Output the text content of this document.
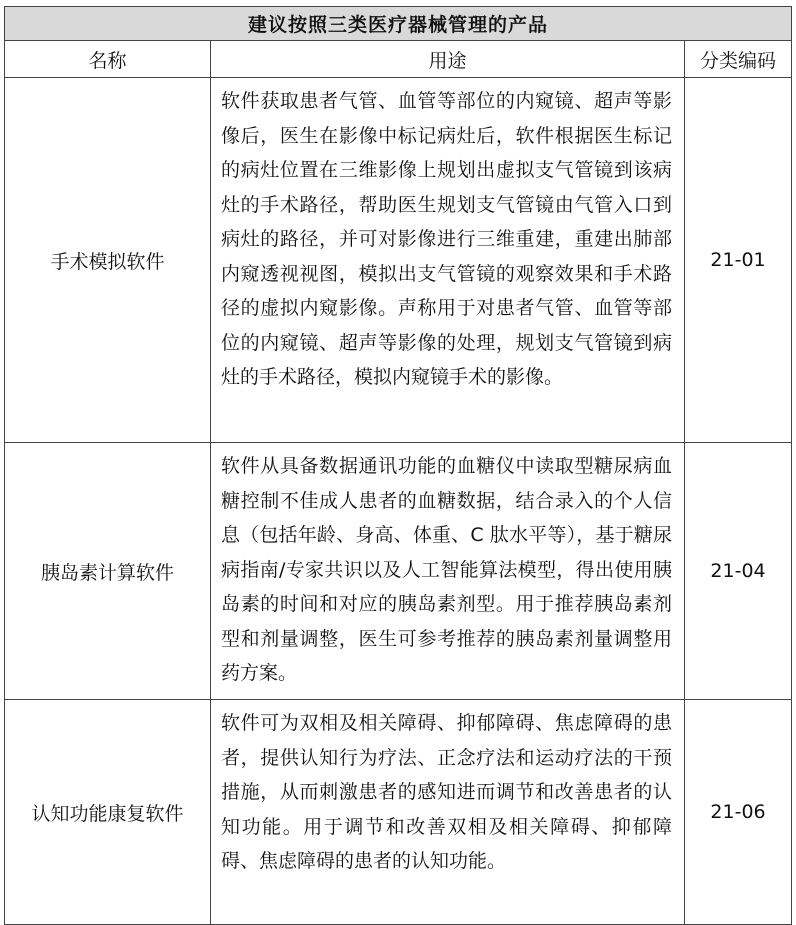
建议按照三类医疗器械管理的产品		
名称	用途	分类编码
手术模拟软件	软件获取患者气管、血管等部位的内窥镜、超声等影像后，医生在影像中标记病灶后，软件根据医生标记的病灶位置在三维影像上规划出虚拟支气管镜到该病灶的手术路径，帮助医生规划支气管镜由气管入口到病灶的路径，并可对影像进行三维重建，重建出肺部内窥透视视图，模拟出支气管镜的观察效果和手术路径的虚拟内窥影像。声称用于对患者气管、血管等部位的内窥镜、超声等影像的处理，规划支气管镜到病灶的手术路径，模拟内窥镜手术的影像。	21-01
胰岛素计算软件	软件从具备数据通讯功能的血糖仪中读取型糖尿病血糖控制不佳成人患者的血糖数据，结合录入的个人信息（包括年龄、身高、体重、C 肽水平等），基于糖尿病指南/专家共识以及人工智能算法模型，得出使用胰岛素的时间和对应的胰岛素剂型。用于推荐胰岛素剂型和剂量调整，医生可参考推荐的胰岛素剂量调整用药方案。	21-04
认知功能康复软件	软件可为双相及相关障碍、抑郁障碍、焦虑障碍的患者，提供认知行为疗法、正念疗法和运动疗法的干预措施，从而刺激患者的感知进而调节和改善患者的认知功能。用于调节和改善双相及相关障碍、抑郁障碍、焦虑障碍的患者的认知功能。	21-06
